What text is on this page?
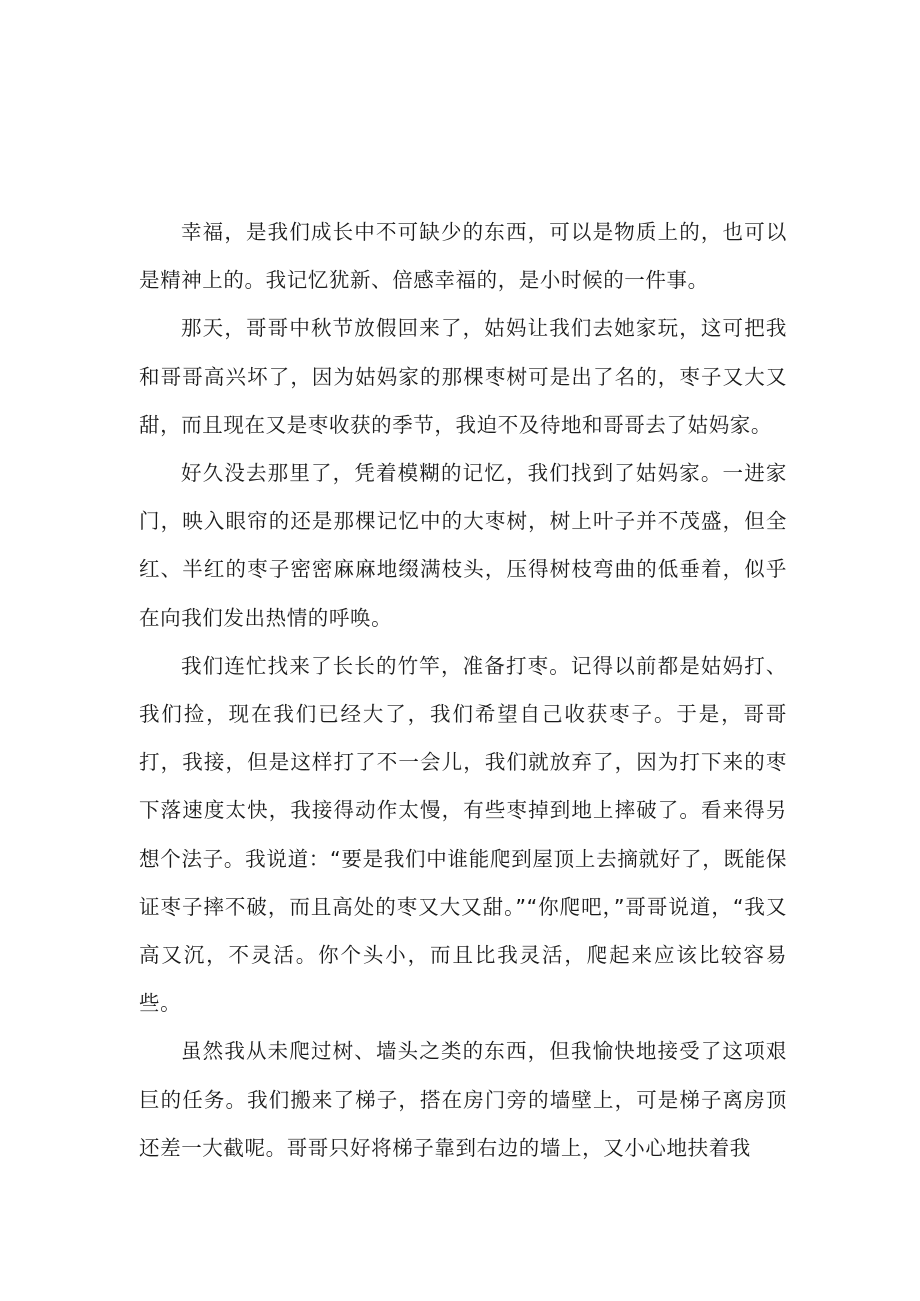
幸福，是我们成长中不可缺少的东西，可以是物质上的，也可以是精神上的。我记忆犹新、倍感幸福的，是小时候的一件事。

那天，哥哥中秋节放假回来了，姑妈让我们去她家玩，这可把我和哥哥高兴坏了，因为姑妈家的那棵枣树可是出了名的，枣子又大又甜，而且现在又是枣收获的季节，我迫不及待地和哥哥去了姑妈家。

好久没去那里了，凭着模糊的记忆，我们找到了姑妈家。一进家门，映入眼帘的还是那棵记忆中的大枣树，树上叶子并不茂盛，但全红、半红的枣子密密麻麻地缀满枝头，压得树枝弯曲的低垂着，似乎在向我们发出热情的呼唤。

我们连忙找来了长长的竹竿，准备打枣。记得以前都是姑妈打、我们捡，现在我们已经大了，我们希望自己收获枣子。于是，哥哥打，我接，但是这样打了不一会儿，我们就放弃了，因为打下来的枣下落速度太快，我接得动作太慢，有些枣掉到地上摔破了。看来得另想个法子。我说道：“要是我们中谁能爬到屋顶上去摘就好了，既能保证枣子摔不破，而且高处的枣又大又甜。”“你爬吧，”哥哥说道，“我又高又沉，不灵活。你个头小，而且比我灵活，爬起来应该比较容易些。

虽然我从未爬过树、墙头之类的东西，但我愉快地接受了这项艰巨的任务。我们搬来了梯子，搭在房门旁的墙壁上，可是梯子离房顶还差一大截呢。哥哥只好将梯子靠到右边的墙上，又小心地扶着我
